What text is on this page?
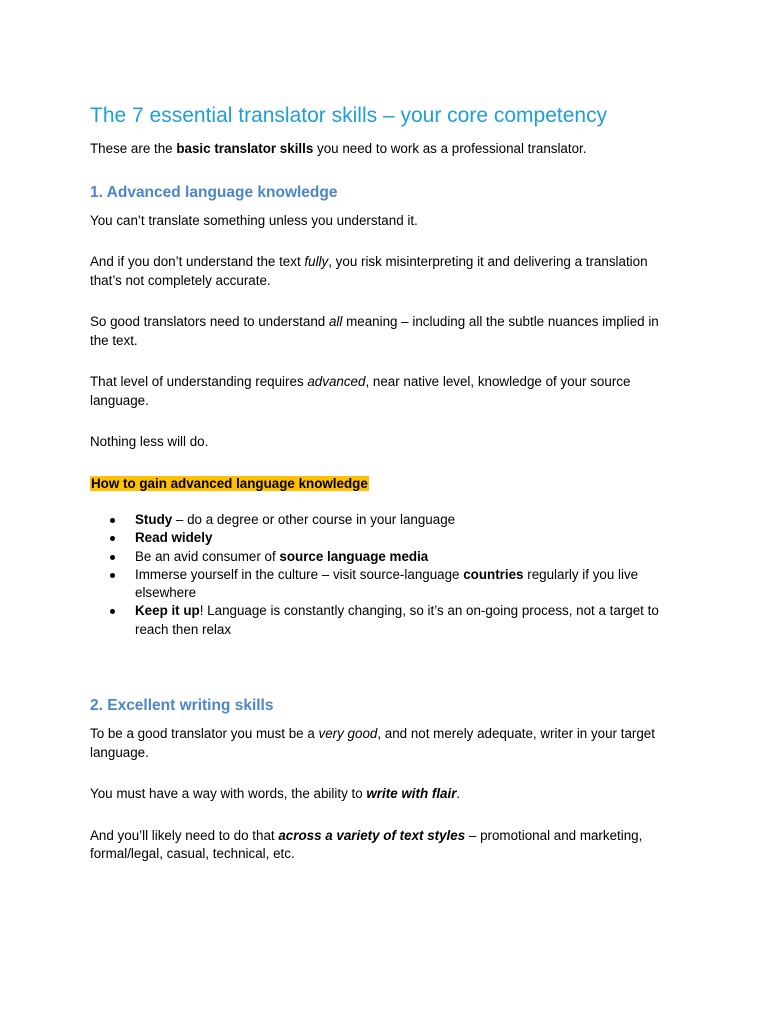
The 7 essential translator skills – your core competency

These are the basic translator skills you need to work as a professional translator.

1. Advanced language knowledge

You can’t translate something unless you understand it.

And if you don’t understand the text fully, you risk misinterpreting it and delivering a translation that’s not completely accurate.

So good translators need to understand all meaning – including all the subtle nuances implied in the text.

That level of understanding requires advanced, near native level, knowledge of your source language.

Nothing less will do.

How to gain advanced language knowledge

Study – do a degree or other course in your language
Read widely
Be an avid consumer of source language media
Immerse yourself in the culture – visit source-language countries regularly if you live elsewhere
Keep it up! Language is constantly changing, so it’s an on-going process, not a target to reach then relax
2. Excellent writing skills

To be a good translator you must be a very good, and not merely adequate, writer in your target language.

You must have a way with words, the ability to write with flair.

And you’ll likely need to do that across a variety of text styles – promotional and marketing, formal/legal, casual, technical, etc.
